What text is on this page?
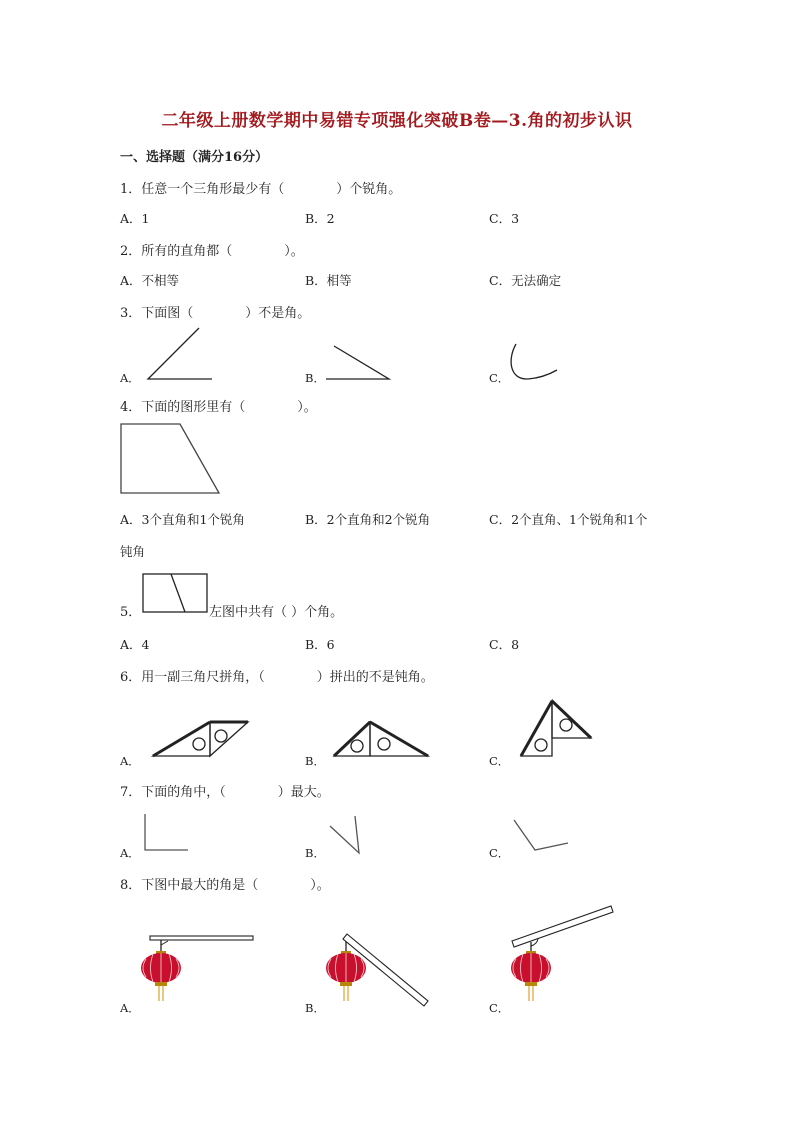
二年级上册数学期中易错专项强化突破B卷—3.角的初步认识
一、选择题（满分16分）
1．任意一个三角形最少有（　　　　）个锐角。
A．1	B．2	C．3
2．所有的直角都（　　　　）。
A．不相等	B．相等	C．无法确定
3．下面图（　　　　）不是角。
A．	B．	C．
4．下面的图形里有（　　　　）。
A．3个直角和1个锐角	B．2个直角和2个锐角	C．2个直角、1个锐角和1个
钝角
5．	左图中共有（ ）个角。
A．4	B．6	C．8
6．用一副三角尺拼角，（　　　　）拼出的不是钝角。
A．	B．	C．
7．下面的角中，（　　　　）最大。
A．	B．	C．
8．下图中最大的角是（　　　　）。
A．	B．	C．
